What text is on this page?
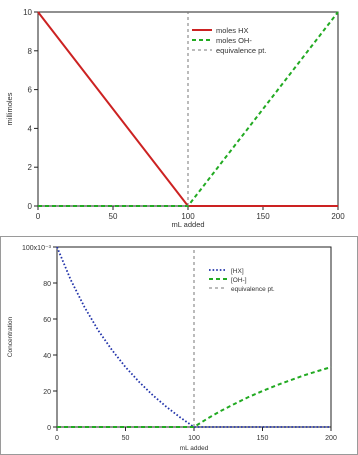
0	50	100	150	200
0
2
4
6
8
10
mL added
millimoles
moles HX
moles OH-
equivalence pt.
0	50	100	150	200
0
20
40
60
80
100x10⁻³
mL added
Concentration
[HX]
[OH-]
equivalence pt.
